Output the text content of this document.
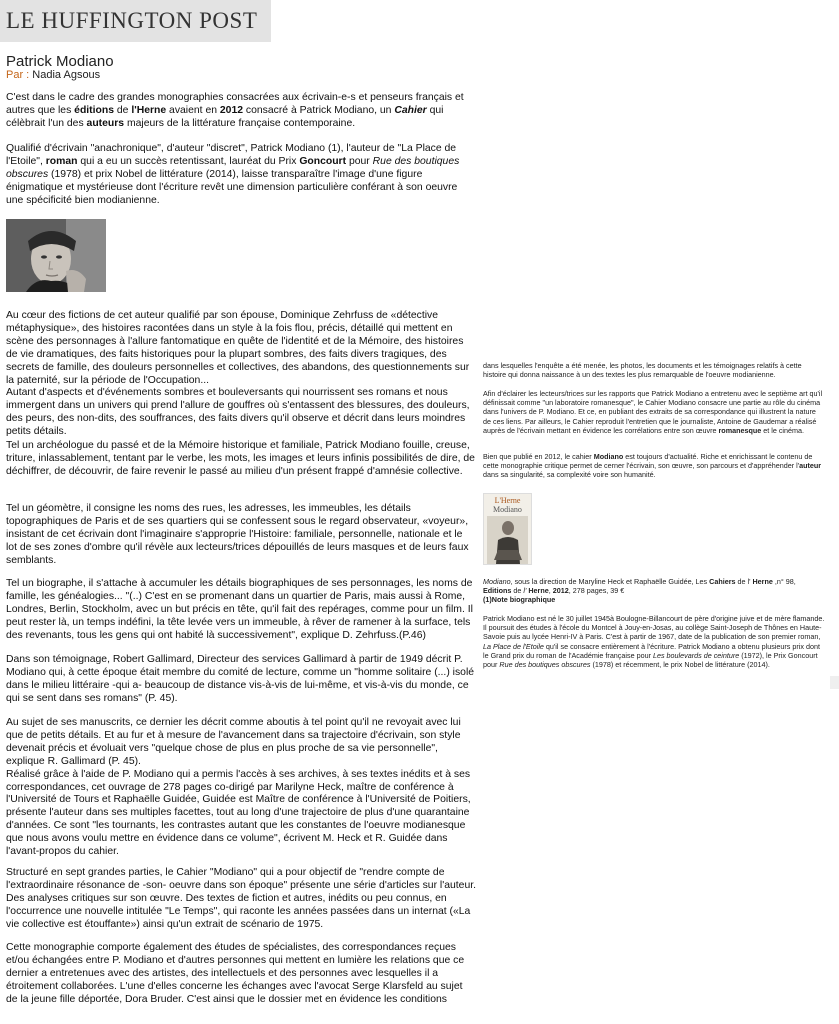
LE HUFFINGTON POST
Patrick Modiano
Par : Nadia Agsous

C'est dans le cadre des grandes monographies consacrées aux écrivain-e-s et penseurs français et autres que les éditions de l'Herne avaient en 2012 consacré à Patrick Modiano, un Cahier qui célèbrait l'un des auteurs majeurs de la littérature française contemporaine.

Qualifié d'écrivain "anachronique", d'auteur "discret", Patrick Modiano (1), l'auteur de "La Place de l'Etoile", roman qui a eu un succès retentissant, lauréat du Prix Goncourt pour Rue des boutiques obscures (1978) et prix Nobel de littérature (2014), laisse transparaître l'image d'une figure énigmatique et mystérieuse dont l'écriture revêt une dimension particulière conférant à son oeuvre une spécificité bien modianienne.

Au cœur des fictions de cet auteur qualifié par son épouse, Dominique Zehrfuss de «détective métaphysique», des histoires racontées dans un style à la fois flou, précis, détaillé qui mettent en scène des personnages à l'allure fantomatique en quête de l'identité et de la Mémoire, des histoires de vie dramatiques, des faits historiques pour la plupart sombres, des faits divers tragiques, des secrets de famille, des douleurs personnelles et collectives, des abandons, des questionnements sur la paternité, sur la période de l'Occupation...

Autant d'aspects et d'événements sombres et bouleversants qui nourrissent ses romans et nous immergent dans un univers qui prend l'allure de gouffres où s'entassent des blessures, des douleurs, des peurs, des non-dits, des souffrances, des faits divers qu'il observe et décrit dans leurs moindres petits détails.

Tel un archéologue du passé et de la Mémoire historique et familiale, Patrick Modiano fouille, creuse, triture, inlassablement, tentant par le verbe, les mots, les images et leurs infinis possibilités de dire, de déchiffrer, de découvrir, de faire revenir le passé au milieu d'un présent frappé d'amnésie collective.

Tel un géomètre, il consigne les noms des rues, les adresses, les immeubles, les détails topographiques de Paris et de ses quartiers qui se confessent sous le regard observateur, «voyeur», insistant de cet écrivain dont l'imaginaire s'approprie l'Histoire: familiale, personnelle, nationale et le lot de ses zones d'ombre qu'il révèle aux lecteurs/trices dépouillés de leurs masques et de leurs faux semblants.

Tel un biographe, il s'attache à accumuler les détails biographiques de ses personnages, les noms de famille, les généalogies... "(..) C'est en se promenant dans un quartier de Paris, mais aussi à Rome, Londres, Berlin, Stockholm, avec un but précis en tête, qu'il fait des repérages, comme pour un film. Il peut rester là, un temps indéfini, la tête levée vers un immeuble, à rêver de ramener à la surface, tels des revenants, tous les gens qui ont habité là successivement", explique D. Zehrfuss.(P.46)

Dans son témoignage, Robert Gallimard, Directeur des services Gallimard à partir de 1949 décrit P. Modiano qui, à cette époque était membre du comité de lecture, comme un "homme solitaire (...) isolé dans le milieu littéraire -qui a- beaucoup de distance vis-à-vis de lui-même, et vis-à-vis du monde, ce qui se sent dans ses romans" (P. 45).

Au sujet de ses manuscrits, ce dernier les décrit comme aboutis à tel point qu'il ne revoyait avec lui que de petits détails. Et au fur et à mesure de l'avancement dans sa trajectoire d'écrivain, son style devenait précis et évoluait vers "quelque chose de plus en plus proche de sa vie personnelle", explique R. Gallimard (P. 45).

Réalisé grâce à l'aide de P. Modiano qui a permis l'accès à ses archives, à ses textes inédits et à ses correspondances, cet ouvrage de 278 pages co-dirigé par Marilyne Heck, maître de conférence à l'Université de Tours et Raphaëlle Guidée, Guidée est Maître de conférence à l'Université de Poitiers, présente l'auteur dans ses multiples facettes, tout au long d'une trajectoire de plus d'une quarantaine d'années. Ce sont "les tournants, les contrastes autant que les constantes de l'oeuvre modianesque que nous avons voulu mettre en évidence dans ce volume", écrivent M. Heck et R. Guidée dans l'avant-propos du cahier.

Structuré en sept grandes parties, le Cahier "Modiano" qui a pour objectif de "rendre compte de l'extraordinaire résonance de -son- oeuvre dans son époque" présente une série d'articles sur l'auteur. Des analyses critiques sur son œuvre. Des textes de fiction et autres, inédits ou peu connus, en l'occurrence une nouvelle intitulée "Le Temps", qui raconte les années passées dans un internat («La vie collective est étouffante») ainsi qu'un extrait de scénario de 1975.

Cette monographie comporte également des études de spécialistes, des correspondances reçues et/ou échangées entre P. Modiano et d'autres personnes qui mettent en lumière les relations que ce dernier a entretenues avec des artistes, des intellectuels et des personnes avec lesquelles il a étroitement collaborées. L'une d'elles concerne les échanges avec l'avocat Serge Klarsfeld au sujet de la jeune fille déportée, Dora Bruder. C'est ainsi que le dossier met en évidence les conditions

dans lesquelles l'enquête a été menée, les photos, les documents et les témoignages relatifs à cette histoire qui donna naissance à un des textes les plus remarquable de l'oeuvre modianienne.

Afin d'éclairer les lecteurs/trices sur les rapports que Patrick Modiano a entretenu avec le septième art qu'il définissait comme "un laboratoire romanesque", le Cahier Modiano consacre une partie au rôle du cinéma dans l'univers de P. Modiano. Et ce, en publiant des extraits de sa correspondance qui illustrent la nature de ces liens. Par ailleurs, le Cahier reproduit l'entretien que le journaliste, Antoine de Gaudemar a réalisé auprès de l'écrivain mettant en évidence les corrélations entre son œuvre romanesque et le cinéma.

Bien que publié en 2012, le cahier Modiano est toujours d'actualité. Riche et enrichissant le contenu de cette monographie critique permet de cerner l'écrivain, son œuvre, son parcours et d'appréhender l'auteur dans sa singularité, sa complexité voire son humanité.

L'Herne
Modiano

Modiano, sous la direction de Maryline Heck et Raphaëlle Guidée, Les Cahiers de l' Herne ,n° 98, Editions de l' Herne, 2012, 278 pages, 39 €

(1)Note biographique

Patrick Modiano est né le 30 juillet 1945à Boulogne-Billancourt de père d'origine juive et de mère flamande. Il poursuit des études à l'école du Montcel à Jouy-en-Josas, au collège Saint-Joseph de Thônes en Haute-Savoie puis au lycée Henri-IV à Paris. C'est à partir de 1967, date de la publication de son premier roman, La Place de l'Etoile qu'il se consacre entièrement à l'écriture. Patrick Modiano a obtenu plusieurs prix dont le Grand prix du roman de l'Académie française pour Les boulevards de ceinture (1972), le Prix Goncourt pour Rue des boutiques obscures (1978) et récemment, le prix Nobel de littérature (2014).
